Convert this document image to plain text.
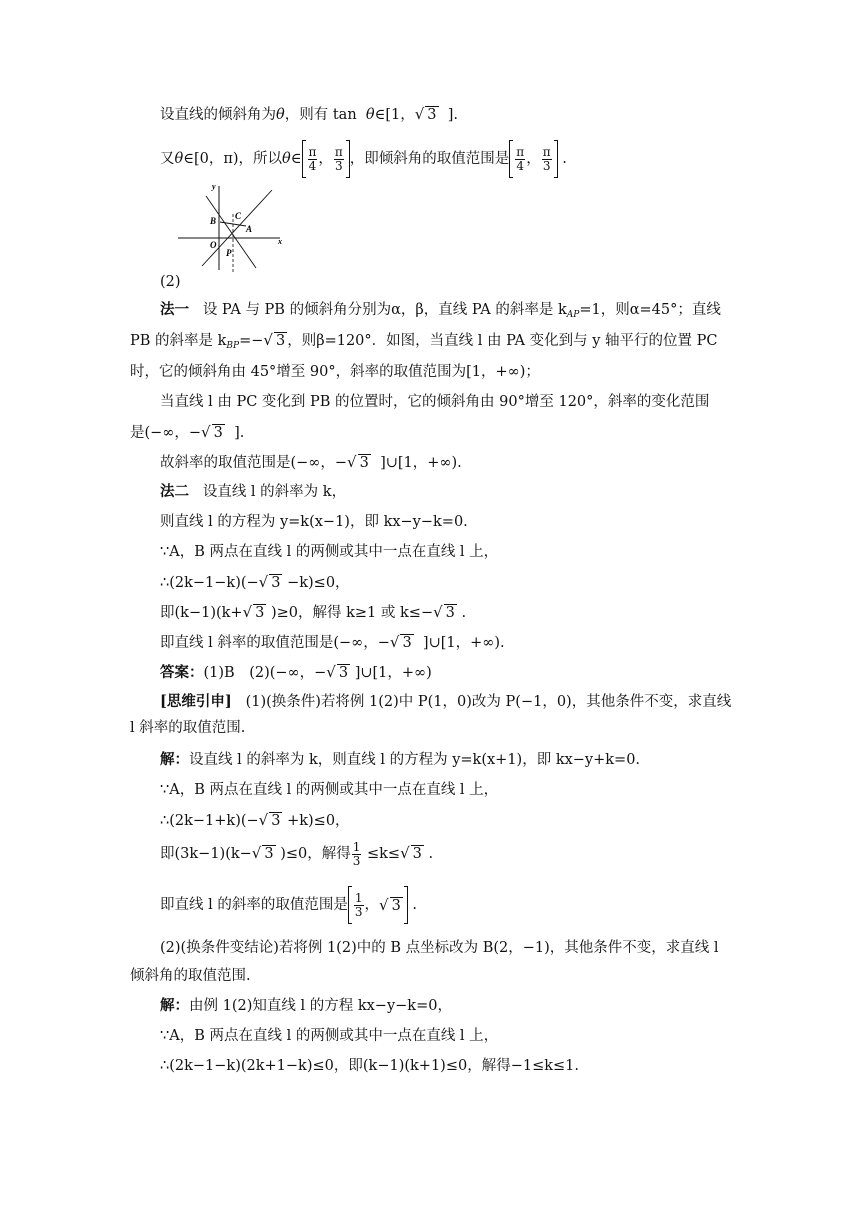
设直线的倾斜角为θ，则有 tan θ∈[1，√ 3 ].
又θ∈[0，π)，所以θ∈ $\frac{\pi}{4}$ ， $\frac{\pi}{3}$ ，即倾斜角的取值范围是 $\frac{\pi}{4}$ ， $\frac{\pi}{3}$ .
y
x
B C
A
O
P
(2)
法一 设 PA 与 PB 的倾斜角分别为α，β，直线 PA 的斜率是 $k_{AP}=1$，则α=45°；直线
PB 的斜率是 $k_{BP}=-√$ 3 ，则β=120°．如图，当直线 l 由 PA 变化到与 y 轴平行的位置 PC
时，它的倾斜角由 45°增至 90°，斜率的取值范围为[1，+∞)；
当直线 l 由 PC 变化到 PB 的位置时，它的倾斜角由 90°增至 120°，斜率的变化范围
是(−∞，−√ 3 ].
故斜率的取值范围是(−∞，−√ 3 ]∪[1，+∞).
法二 设直线 l 的斜率为 k，
则直线 l 的方程为 y=k(x−1)，即 kx−y−k=0.
∵A，B 两点在直线 l 的两侧或其中一点在直线 l 上，
∴(2k−1−k)(−√ 3 −k)≤0，
即(k−1)(k+√ 3 )≥0，解得 k≥1 或 k≤−√ 3 .
即直线 l 斜率的取值范围是(−∞，−√ 3 ]∪[1，+∞).
答案：(1)B　(2)(−∞，−√ 3 ]∪[1，+∞)
[思维引申] (1)(换条件)若将例 1(2)中 P(1，0)改为 P(−1，0)，其他条件不变，求直线
l 斜率的取值范围.
解：设直线 l 的斜率为 k，则直线 l 的方程为 y=k(x+1)，即 kx−y+k=0.
∵A，B 两点在直线 l 的两侧或其中一点在直线 l 上，
∴(2k−1+k)(−√ 3 +k)≤0，
即(3k−1)(k−√ 3 )≤0，解得 $\frac{1}{3} \le k\le√$ 3 .
即直线 l 的斜率的取值范围是 $\frac{1}{3}$ ， √ 3 .
(2)(换条件变结论)若将例 1(2)中的 B 点坐标改为 B(2，−1)，其他条件不变，求直线 l
倾斜角的取值范围.
解：由例 1(2)知直线 l 的方程 kx−y−k=0，
∵A，B 两点在直线 l 的两侧或其中一点在直线 l 上，
∴(2k−1−k)(2k+1−k)≤0，即(k−1)(k+1)≤0，解得−1≤k≤1.
